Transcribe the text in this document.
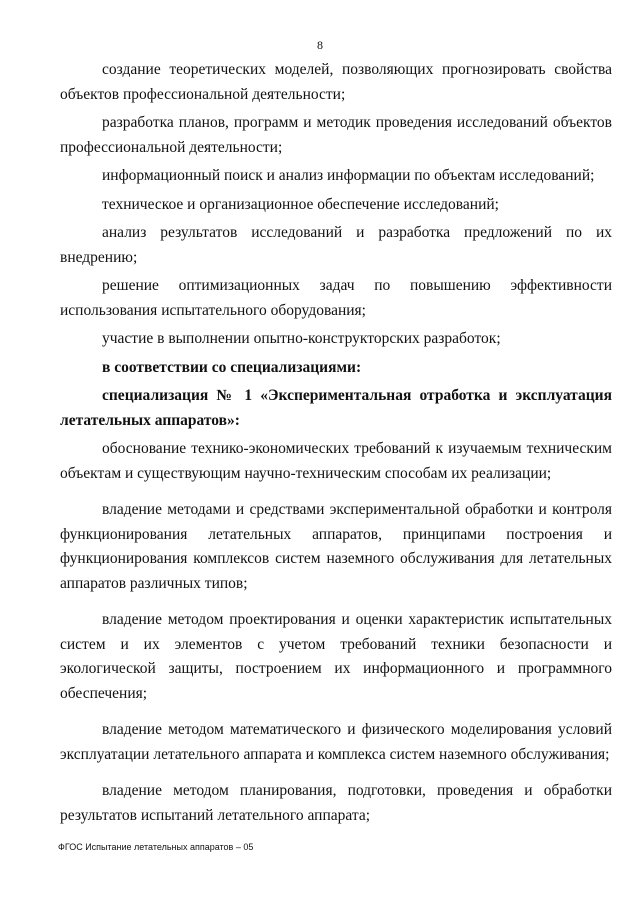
8

создание теоретических моделей, позволяющих прогнозировать свойства объектов профессиональной деятельности;

разработка планов, программ и методик проведения исследований объектов профессиональной деятельности;

информационный поиск и анализ информации по объектам исследований;

техническое и организационное обеспечение исследований;

анализ результатов исследований и разработка предложений по их внедрению;

решение оптимизационных задач по повышению эффективности использования испытательного оборудования;

участие в выполнении опытно-конструкторских разработок;

в соответствии со специализациями:

специализация № 1 «Экспериментальная отработка и эксплуатация летательных аппаратов»:

обоснование технико-экономических требований к изучаемым техническим объектам и существующим научно-техническим способам их реализации;

владение методами и средствами экспериментальной обработки и контроля функционирования летательных аппаратов, принципами построения и функционирования комплексов систем наземного обслуживания для летательных аппаратов различных типов;

владение методом проектирования и оценки характеристик испытательных систем и их элементов с учетом требований техники безопасности и экологической защиты, построением их информационного и программного обеспечения;

владение методом математического и физического моделирования условий эксплуатации летательного аппарата и комплекса систем наземного обслуживания;

владение методом планирования, подготовки, проведения и обработки результатов испытаний летательного аппарата;

ФГОС Испытание летательных аппаратов – 05
